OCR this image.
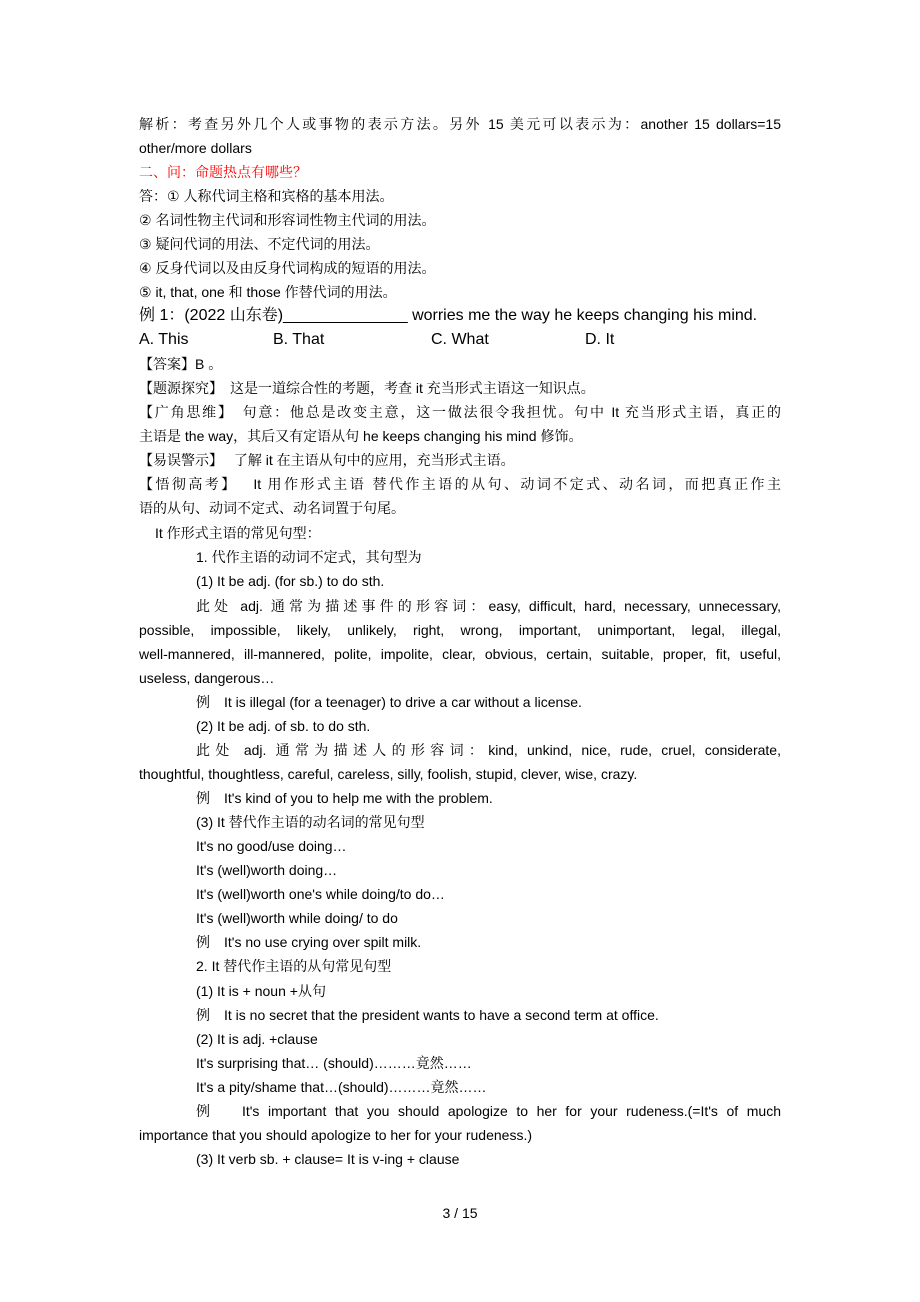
解析：考查另外几个人或事物的表示方法。另外 15 美元可以表示为：another 15 dollars=15
other/more dollars
二、问：命题热点有哪些？
答：① 人称代词主格和宾格的基本用法。
② 名词性物主代词和形容词性物主代词的用法。
③ 疑问代词的用法、不定代词的用法。
④ 反身代词以及由反身代词构成的短语的用法。
⑤ it, that, one 和 those 作替代词的用法。
例 1：(2022 山东卷)______________ worries me the way he keeps changing his mind.
A. This	B. That	C. What	D. It
【答案】B 。
【题源探究】　这是一道综合性的考题，考查 it 充当形式主语这一知识点。
【广角思维】　句意：他总是改变主意，这一做法很令我担忧。句中 It 充当形式主语，真正的
主语是 the way，其后又有定语从句 he keeps changing his mind 修饰。
【易误警示】　 了解 it 在主语从句中的应用，充当形式主语。
【悟彻高考】　 It 用作形式主语 替代作主语的从句、动词不定式、动名词，而把真正作主
语的从句、动词不定式、动名词置于句尾。
It 作形式主语的常见句型：
1. 代作主语的动词不定式，其句型为
(1) It be adj. (for sb.) to do sth.
此处 adj. 通常为描述事件的形容词：easy, difficult, hard, necessary, unnecessary,
possible, impossible, likely, unlikely, right, wrong, important, unimportant, legal, illegal,
well-mannered, ill-mannered, polite, impolite, clear, obvious, certain, suitable, proper, fit, useful,
useless, dangerous…
例　It is illegal (for a teenager) to drive a car without a license.
(2) It be adj. of sb. to do sth.
此处 adj. 通常为描述人的形容词：kind, unkind, nice, rude, cruel, considerate,
thoughtful, thoughtless, careful, careless, silly, foolish, stupid, clever, wise, crazy.
例　It's kind of you to help me with the problem.
(3) It 替代作主语的动名词的常见句型
It's no good/use doing…
It's (well)worth doing…
It's (well)worth one's while doing/to do…
It's (well)worth while doing/ to do
例　It's no use crying over spilt milk.
2. It 替代作主语的从句常见句型
(1) It is + noun +从句
例　It is no secret that the president wants to have a second term at office.
(2) It is adj. +clause
It's surprising that… (should)………竟然……
It's a pity/shame that…(should)………竟然……
例　 It's important that you should apologize to her for your rudeness.(=It's of much
importance that you should apologize to her for your rudeness.)
(3) It verb sb. + clause= It is v-ing + clause
3 / 15
